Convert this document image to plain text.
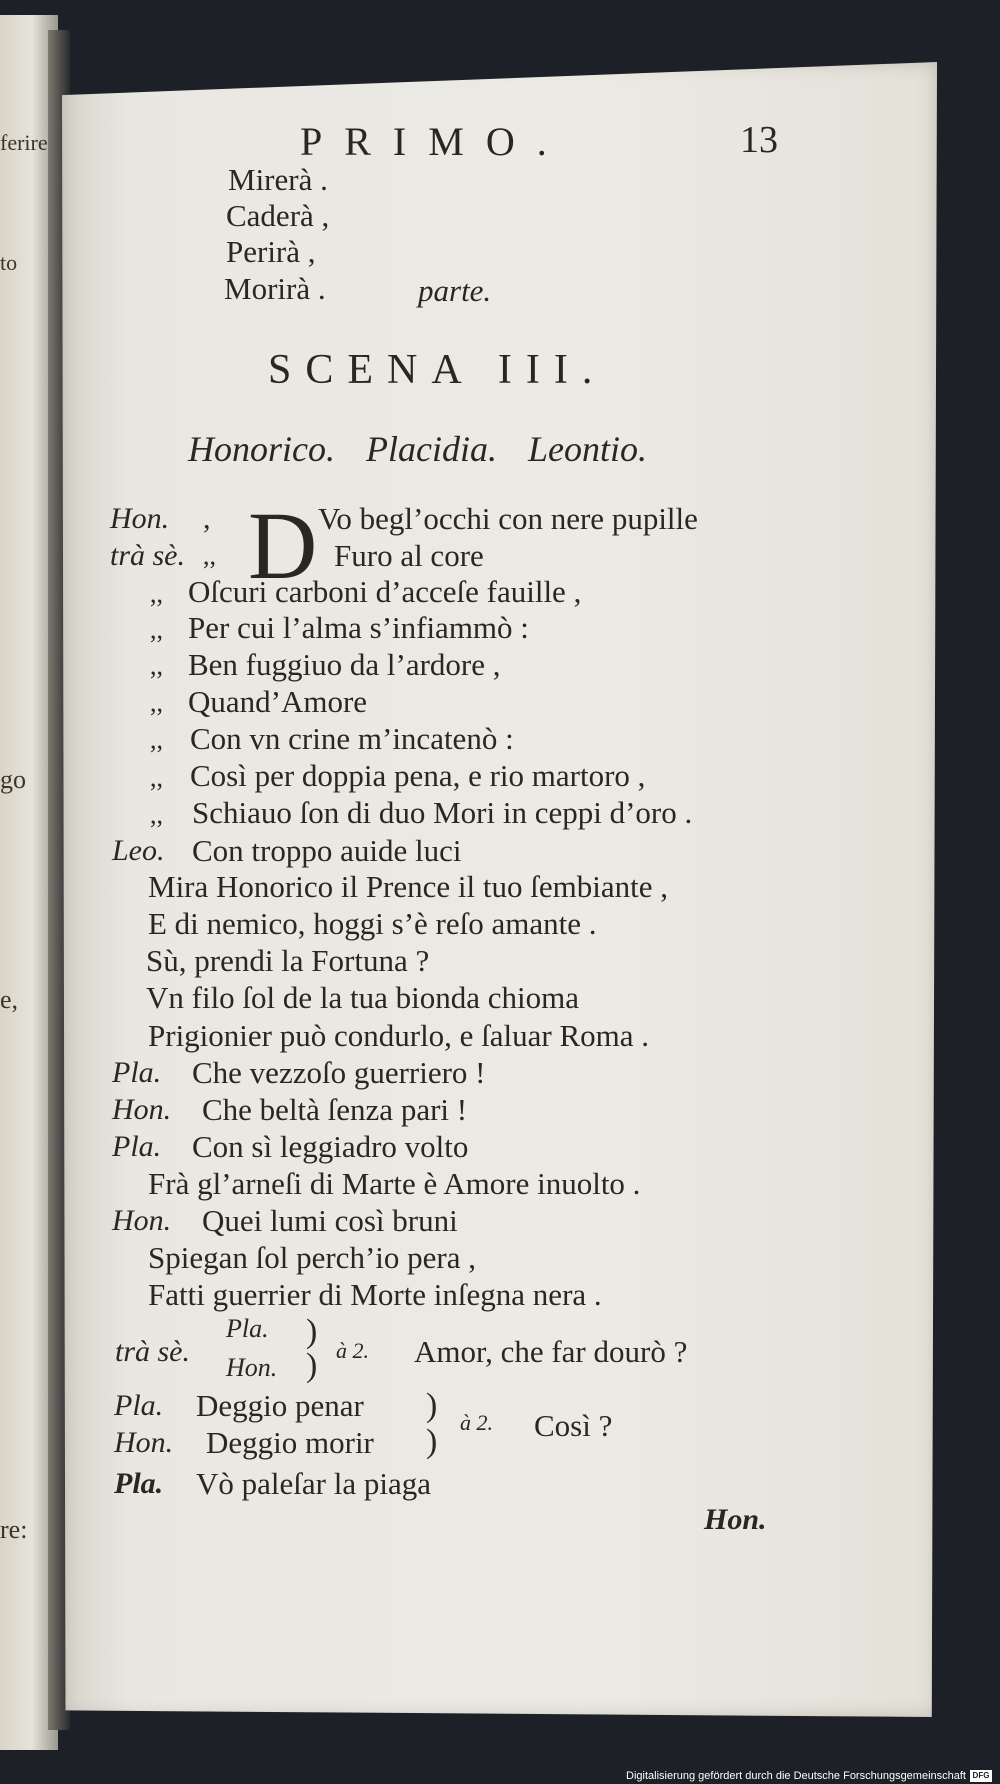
ferire
to
go
e,
re:
PRIMO.	13
Mirerà .
Caderà ,
Perirà ,
Morirà .	parte.
SCENA III.
Honorico. Placidia. Leontio.
Hon. ,
trà sè. ,, D Vo begl’occhi con nere pupille
Furo al core
,, Oſcuri carboni d’acceſe fauille ,
,, Per cui l’alma s’infiammò :
,, Ben fuggiuo da l’ardore ,
,, Quand’Amore
,, Con vn crine m’incatenò :
,, Così per doppia pena, e rio martoro ,
,, Schiauo ſon di duo Mori in ceppi d’oro .
Leo. Con troppo auide luci
Mira Honorico il Prence il tuo ſembiante ,
E di nemico, hoggi s’è reſo amante .
Sù, prendi la Fortuna ?
Vn filo ſol de la tua bionda chioma
Prigionier può condurlo, e ſaluar Roma .
Pla. Che vezzoſo guerriero !
Hon. Che beltà ſenza pari !
Pla. Con sì leggiadro volto
Frà gl’arneſi di Marte è Amore inuolto .
Hon. Quei lumi così bruni
Spiegan ſol perch’io pera ,
Fatti guerrier di Morte inſegna nera .
trà sè.
Pla.
Hon.
)
) à 2. Amor, che far dourò ?
Pla. Deggio penar
Hon. Deggio morir
)
)
à 2. Così ?
Pla. Vò paleſar la piaga
Hon.
Digitalisierung gefördert durch die Deutsche Forschungsgemeinschaft DFG
